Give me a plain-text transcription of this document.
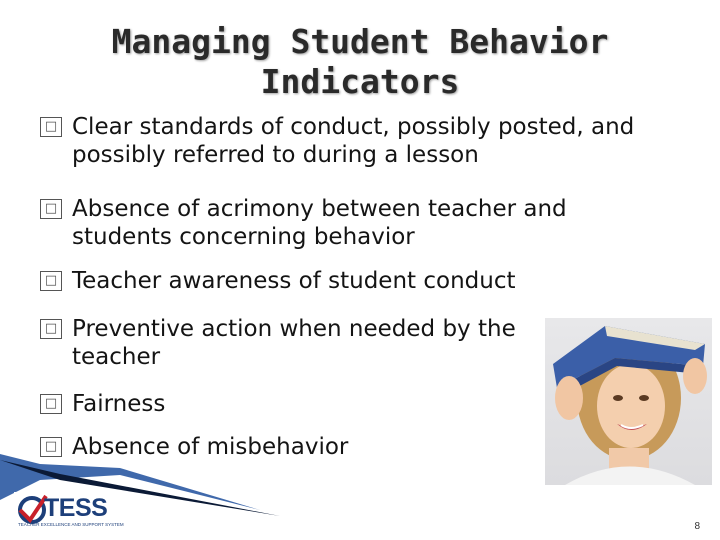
Managing Student Behavior Indicators
□ Clear standards of conduct, possibly posted, and possibly referred to during a lesson
□ Absence of acrimony between teacher and students concerning behavior
□ Teacher awareness of student conduct
□ Preventive action when needed by the teacher
□ Fairness
□ Absence of misbehavior
TESS
TEACHER EXCELLENCE AND SUPPORT SYSTEM	8
